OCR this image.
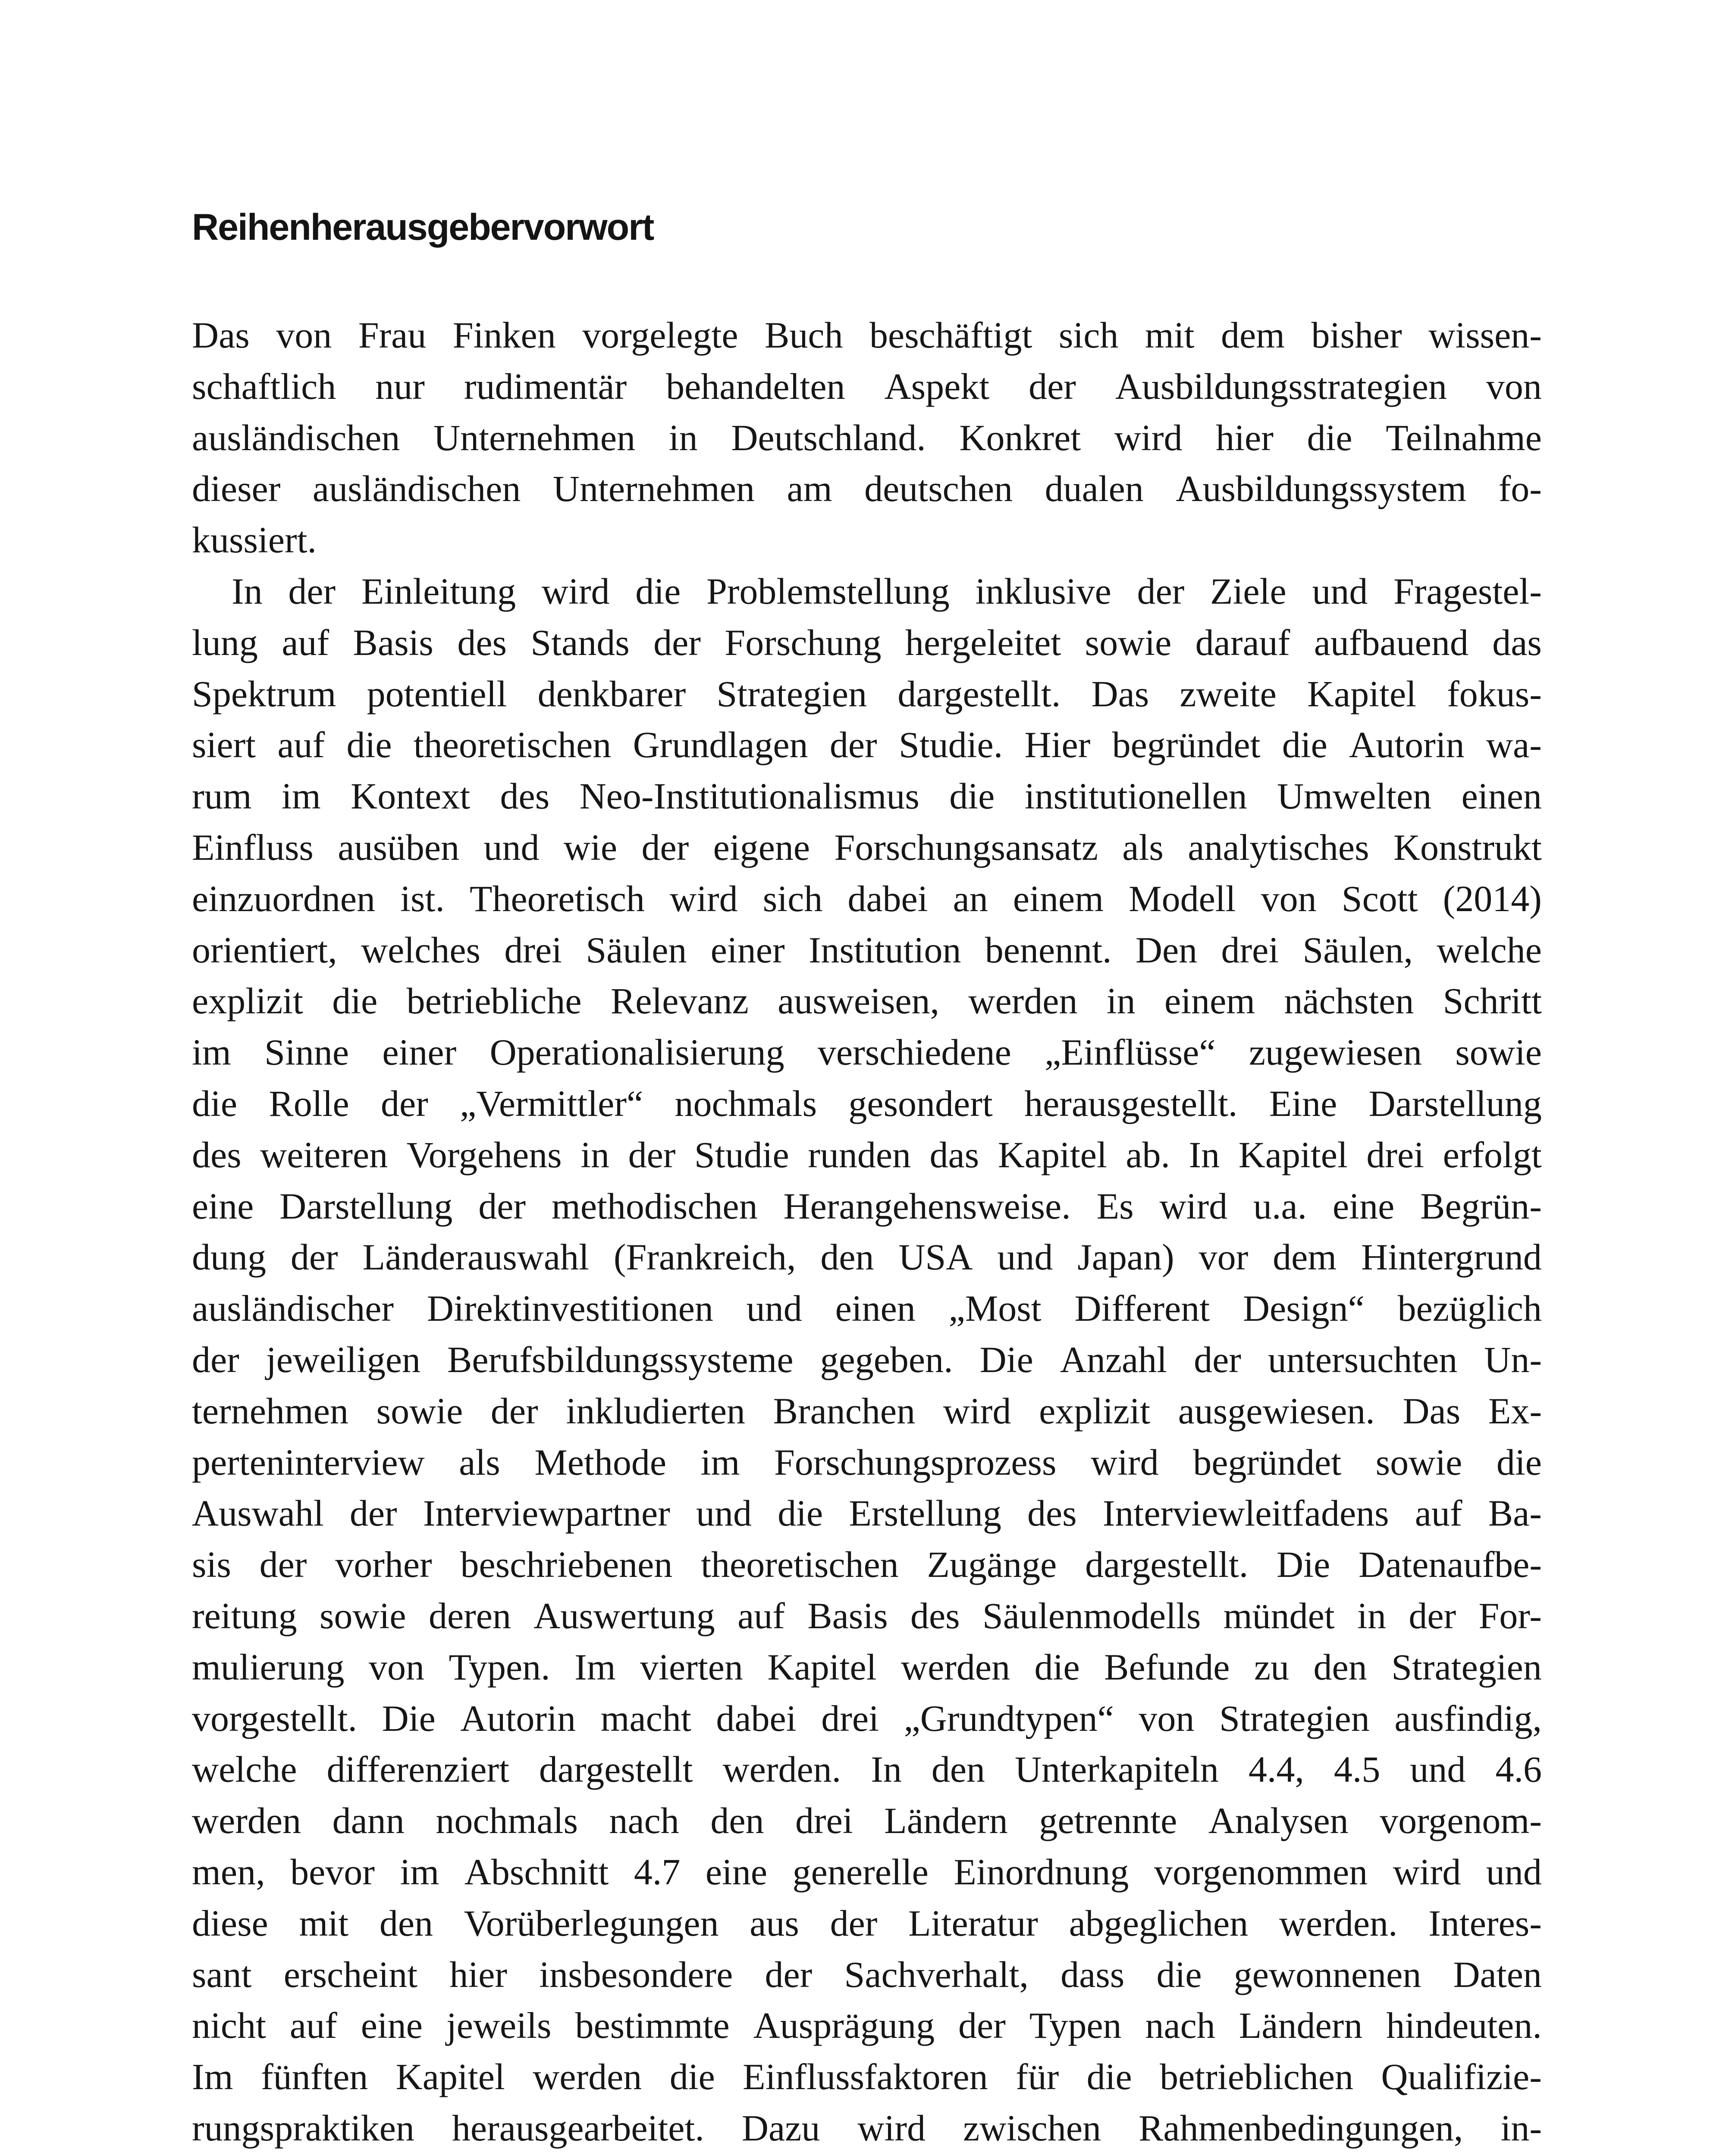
Reihenherausgebervorwort
Das von Frau Finken vorgelegte Buch beschäftigt sich mit dem bisher wissen-
schaftlich nur rudimentär behandelten Aspekt der Ausbildungsstrategien von
ausländischen Unternehmen in Deutschland. Konkret wird hier die Teilnahme
dieser ausländischen Unternehmen am deutschen dualen Ausbildungssystem fo-
kussiert.
In der Einleitung wird die Problemstellung inklusive der Ziele und Fragestel-
lung auf Basis des Stands der Forschung hergeleitet sowie darauf aufbauend das
Spektrum potentiell denkbarer Strategien dargestellt. Das zweite Kapitel fokus-
siert auf die theoretischen Grundlagen der Studie. Hier begründet die Autorin wa-
rum im Kontext des Neo-Institutionalismus die institutionellen Umwelten einen
Einfluss ausüben und wie der eigene Forschungsansatz als analytisches Konstrukt
einzuordnen ist. Theoretisch wird sich dabei an einem Modell von Scott (2014)
orientiert, welches drei Säulen einer Institution benennt. Den drei Säulen, welche
explizit die betriebliche Relevanz ausweisen, werden in einem nächsten Schritt
im Sinne einer Operationalisierung verschiedene „Einflüsse“ zugewiesen sowie
die Rolle der „Vermittler“ nochmals gesondert herausgestellt. Eine Darstellung
des weiteren Vorgehens in der Studie runden das Kapitel ab. In Kapitel drei erfolgt
eine Darstellung der methodischen Herangehensweise. Es wird u.a. eine Begrün-
dung der Länderauswahl (Frankreich, den USA und Japan) vor dem Hintergrund
ausländischer Direktinvestitionen und einen „Most Different Design“ bezüglich
der jeweiligen Berufsbildungssysteme gegeben. Die Anzahl der untersuchten Un-
ternehmen sowie der inkludierten Branchen wird explizit ausgewiesen. Das Ex-
perteninterview als Methode im Forschungsprozess wird begründet sowie die
Auswahl der Interviewpartner und die Erstellung des Interviewleitfadens auf Ba-
sis der vorher beschriebenen theoretischen Zugänge dargestellt. Die Datenaufbe-
reitung sowie deren Auswertung auf Basis des Säulenmodells mündet in der For-
mulierung von Typen. Im vierten Kapitel werden die Befunde zu den Strategien
vorgestellt. Die Autorin macht dabei drei „Grundtypen“ von Strategien ausfindig,
welche differenziert dargestellt werden. In den Unterkapiteln 4.4, 4.5 und 4.6
werden dann nochmals nach den drei Ländern getrennte Analysen vorgenom-
men, bevor im Abschnitt 4.7 eine generelle Einordnung vorgenommen wird und
diese mit den Vorüberlegungen aus der Literatur abgeglichen werden. Interes-
sant erscheint hier insbesondere der Sachverhalt, dass die gewonnenen Daten
nicht auf eine jeweils bestimmte Ausprägung der Typen nach Ländern hindeuten.
Im fünften Kapitel werden die Einflussfaktoren für die betrieblichen Qualifizie-
rungspraktiken herausgearbeitet. Dazu wird zwischen Rahmenbedingungen, in-
